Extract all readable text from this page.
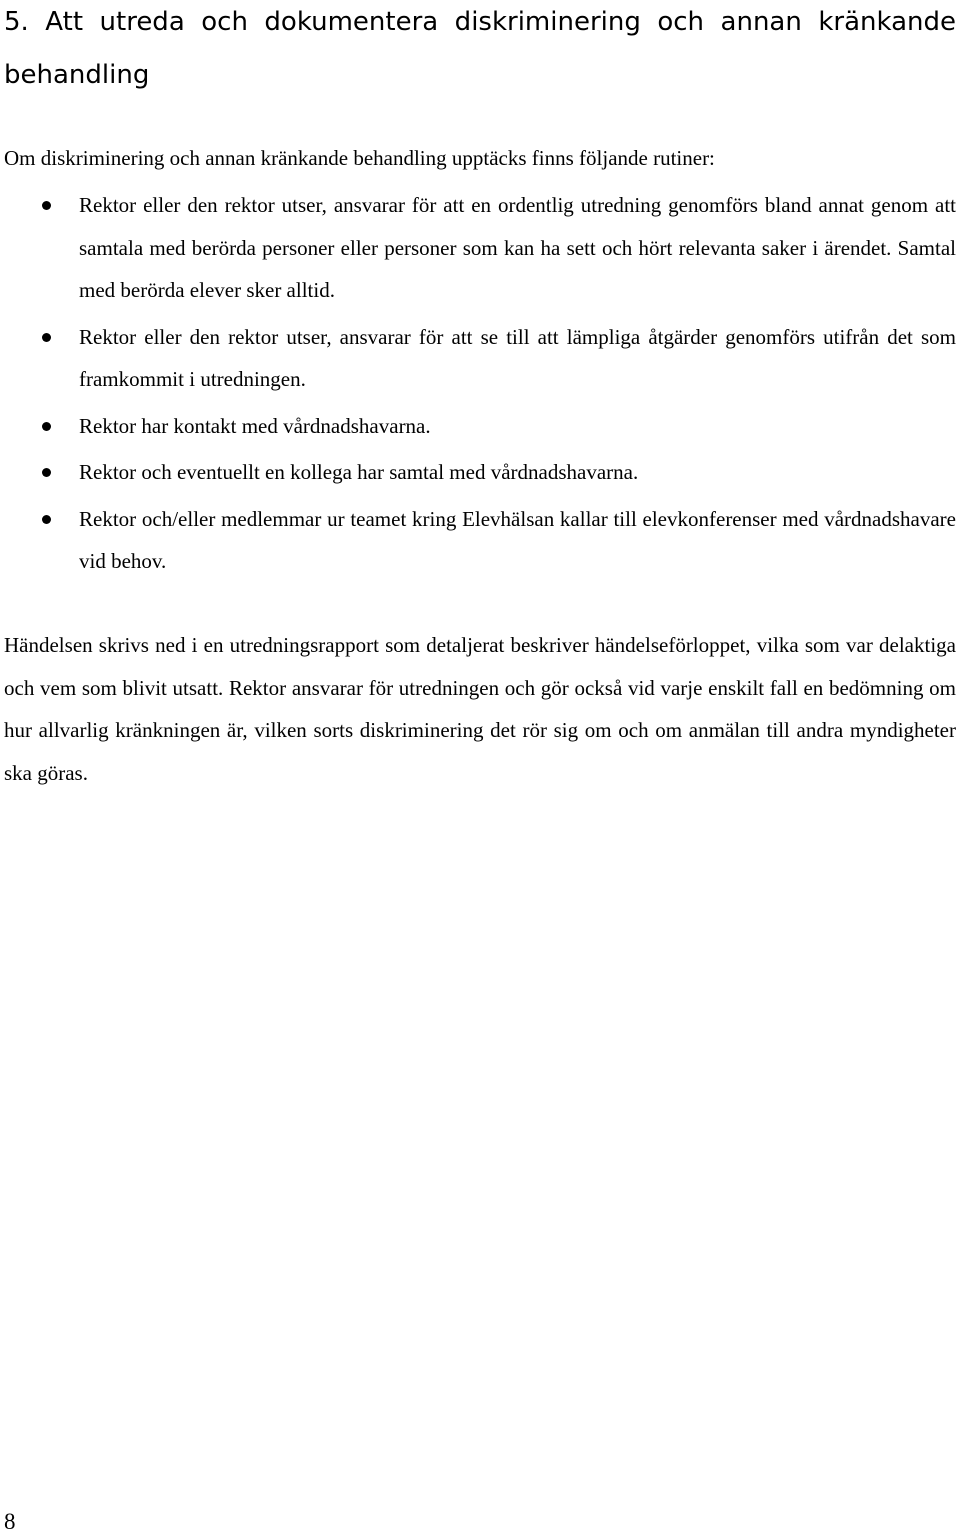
5. Att utreda och dokumentera diskriminering och annan kränkande behandling

Om diskriminering och annan kränkande behandling upptäcks finns följande rutiner:

Rektor eller den rektor utser, ansvarar för att en ordentlig utredning genomförs bland annat genom att samtala med berörda personer eller personer som kan ha sett och hört relevanta saker i ärendet. Samtal med berörda elever sker alltid.
Rektor eller den rektor utser, ansvarar för att se till att lämpliga åtgärder genomförs utifrån det som framkommit i utredningen.
Rektor har kontakt med vårdnadshavarna.
Rektor och eventuellt en kollega har samtal med vårdnadshavarna.
Rektor och/eller medlemmar ur teamet kring Elevhälsan kallar till elevkonferenser med vårdnadshavare vid behov.

Händelsen skrivs ned i en utredningsrapport som detaljerat beskriver händelseförloppet, vilka som var delaktiga och vem som blivit utsatt. Rektor ansvarar för utredningen och gör också vid varje enskilt fall en bedömning om hur allvarlig kränkningen är, vilken sorts diskriminering det rör sig om och om anmälan till andra myndigheter ska göras.

8
